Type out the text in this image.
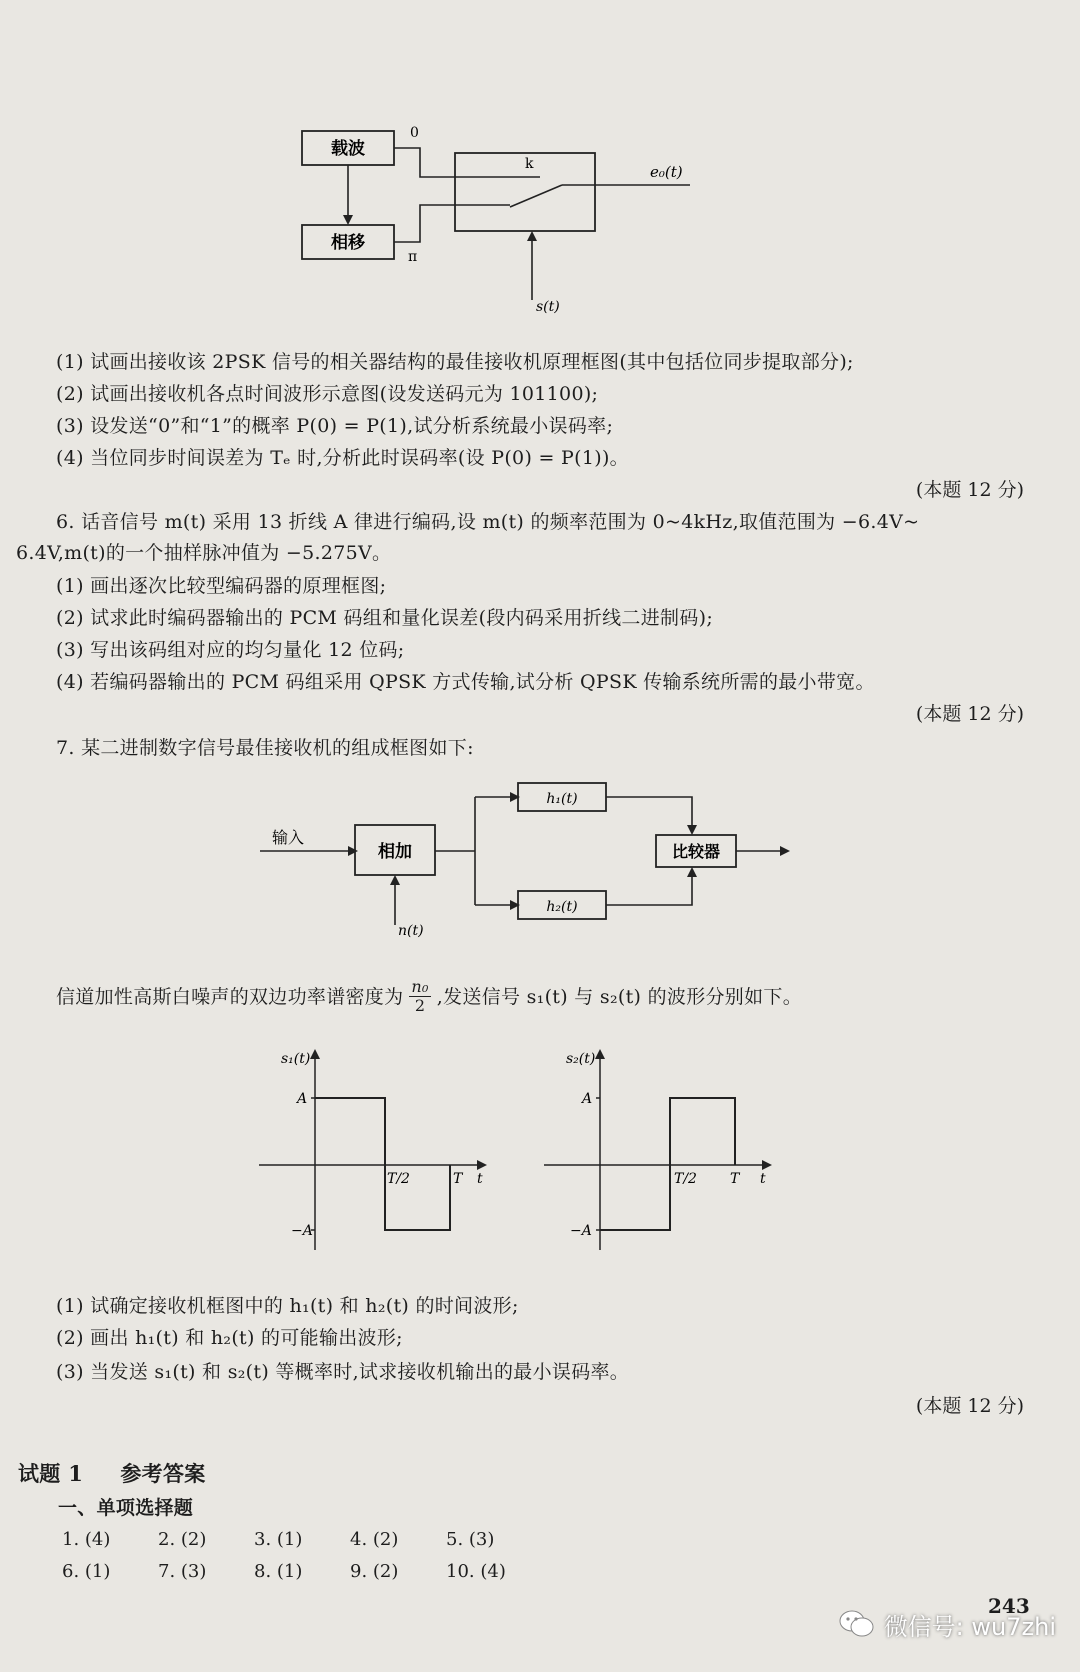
载波
相移
0
π
k	e₀(t)
s(t)
(1) 试画出接收该 2PSK 信号的相关器结构的最佳接收机原理框图(其中包括位同步提取部分);
(2) 试画出接收机各点时间波形示意图(设发送码元为 101100);
(3) 设发送“0”和“1”的概率 P(0) = P(1),试分析系统最小误码率;
(4) 当位同步时间误差为 Tₑ 时,分析此时误码率(设 P(0) = P(1))。
(本题 12 分)
6. 话音信号 m(t) 采用 13 折线 A 律进行编码,设 m(t) 的频率范围为 0~4kHz,取值范围为 −6.4V~
6.4V,m(t)的一个抽样脉冲值为 −5.275V。
(1) 画出逐次比较型编码器的原理框图;
(2) 试求此时编码器输出的 PCM 码组和量化误差(段内码采用折线二进制码);
(3) 写出该码组对应的均匀量化 12 位码;
(4) 若编码器输出的 PCM 码组采用 QPSK 方式传输,试分析 QPSK 传输系统所需的最小带宽。
(本题 12 分)
7. 某二进制数字信号最佳接收机的组成框图如下:
输入
相加
n(t)
h₁(t)
h₂(t)
比较器
信道加性高斯白噪声的双边功率谱密度为 $\frac{\text{n₀}}{2}$ ,发送信号 s₁(t) 与 s₂(t) 的波形分别如下。
s₁(t)
A
−A
T/2	T t
s₂(t)
A
−A
T/2 T t
(1) 试确定接收机框图中的 h₁(t) 和 h₂(t) 的时间波形;
(2) 画出 h₁(t) 和 h₂(t) 的可能输出波形;
(3) 当发送 s₁(t) 和 s₂(t) 等概率时,试求接收机输出的最小误码率。
(本题 12 分)
试题 1 参考答案
一、单项选择题
1. (4)	2. (2)	3. (1)	4. (2)	5. (3)
6. (1)	7. (3)	8. (1)	9. (2)	10. (4)
243
微信号: wu7zhi
